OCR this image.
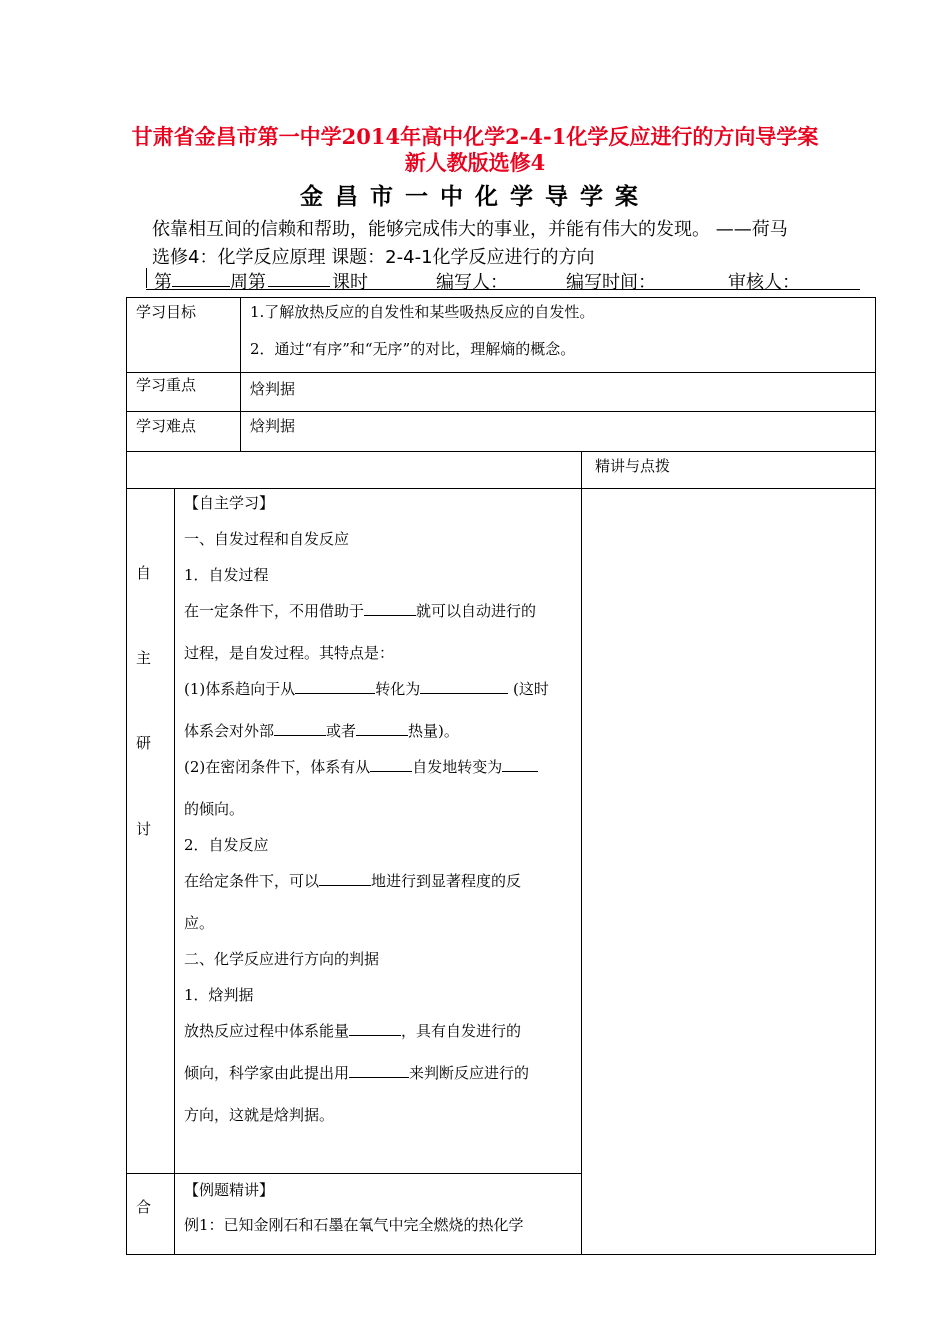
甘肃省金昌市第一中学2014年高中化学2-4-1化学反应进行的方向导学案
新人教版选修4
金昌市一中化学导学案
依靠相互间的信赖和帮助，能够完成伟大的事业，并能有伟大的发现。 ——荷马
选修4：化学反应原理 课题：2-4-1化学反应进行的方向
第	周第	课时	编写人：	编写时间：	审核人：
学习目标	1.了解放热反应的自发性和某些吸热反应的自发性。
2．通过“有序”和“无序”的对比，理解熵的概念。
学习重点	焓判据
学习难点	焓判据
精讲与点拨
自
主
研
讨
合
【自主学习】
一、自发过程和自发反应
1．自发过程
在一定条件下，不用借助于	就可以自动进行的
过程，是自发过程。其特点是：
(1)体系趋向于从	转化为	(这时
体系会对外部	或者	热量)。
(2)在密闭条件下，体系有从	自发地转变为
的倾向。
2．自发反应
在给定条件下，可以	地进行到显著程度的反
应。
二、化学反应进行方向的判据
1．焓判据
放热反应过程中体系能量	，具有自发进行的
倾向，科学家由此提出用	来判断反应进行的
方向，这就是焓判据。
【例题精讲】
例1：已知金刚石和石墨在氧气中完全燃烧的热化学
